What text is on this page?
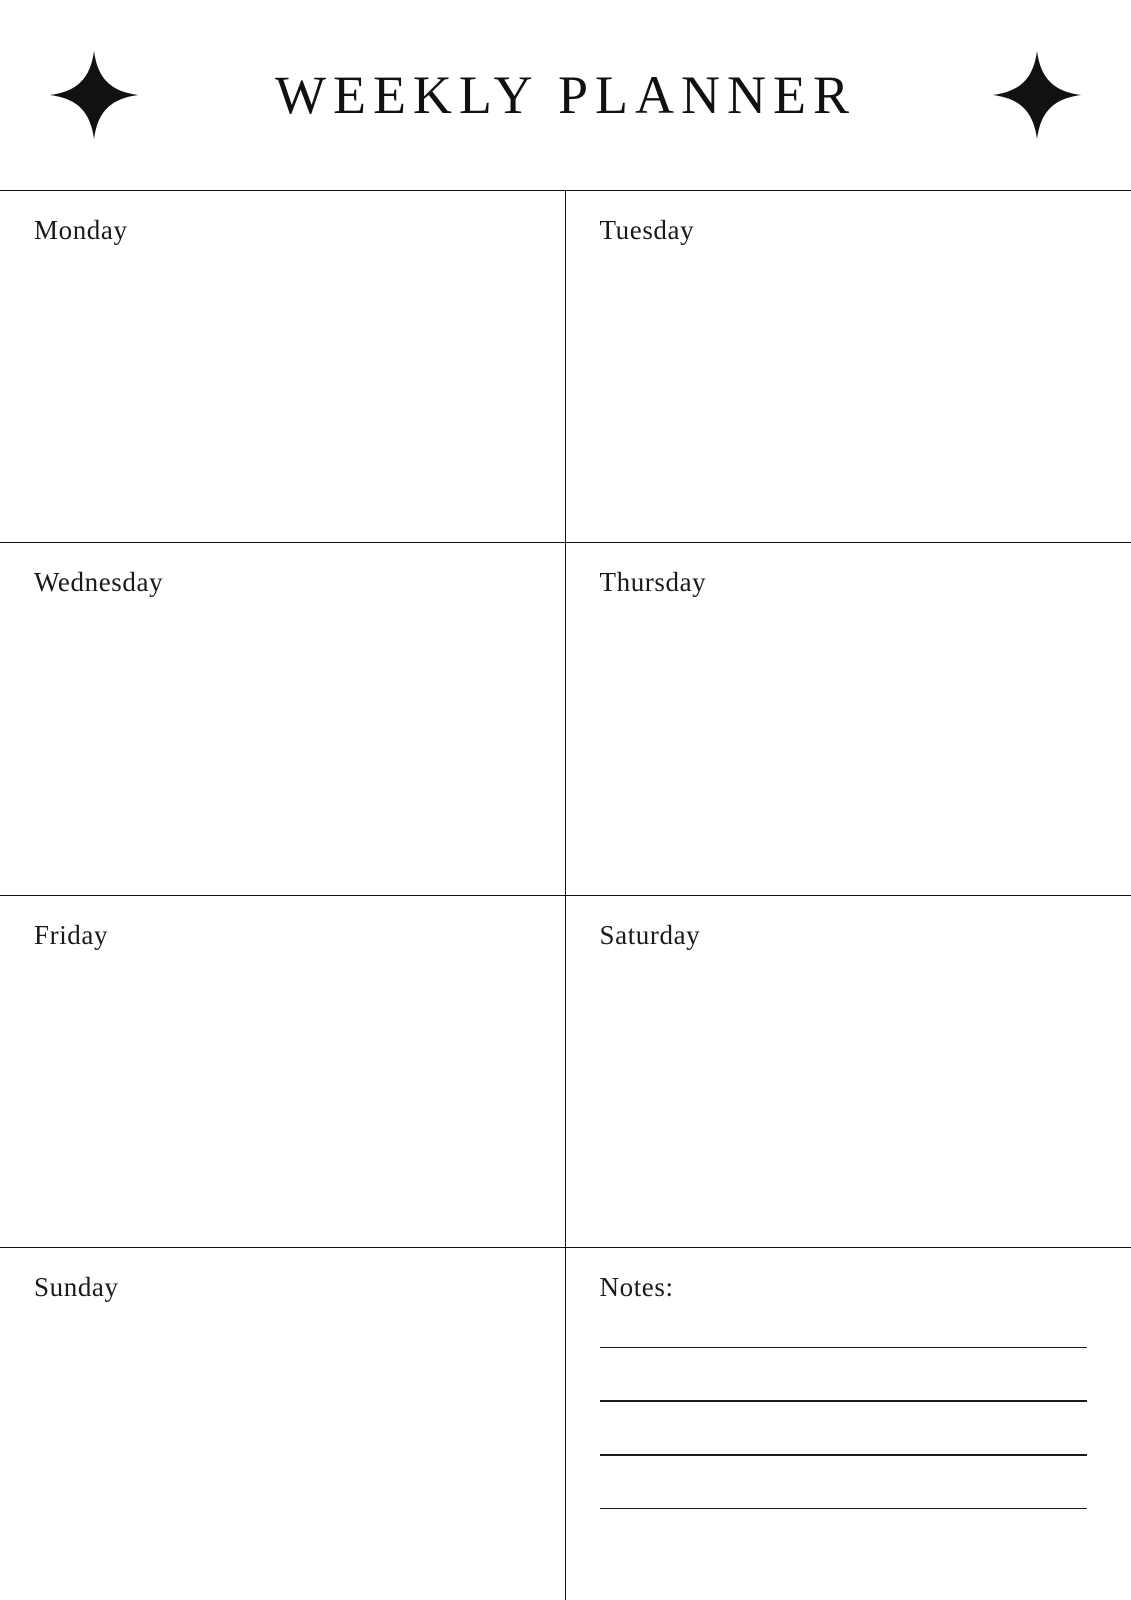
WEEKLY PLANNER
Monday	Tuesday
Wednesday	Thursday
Friday	Saturday
Sunday	Notes:
